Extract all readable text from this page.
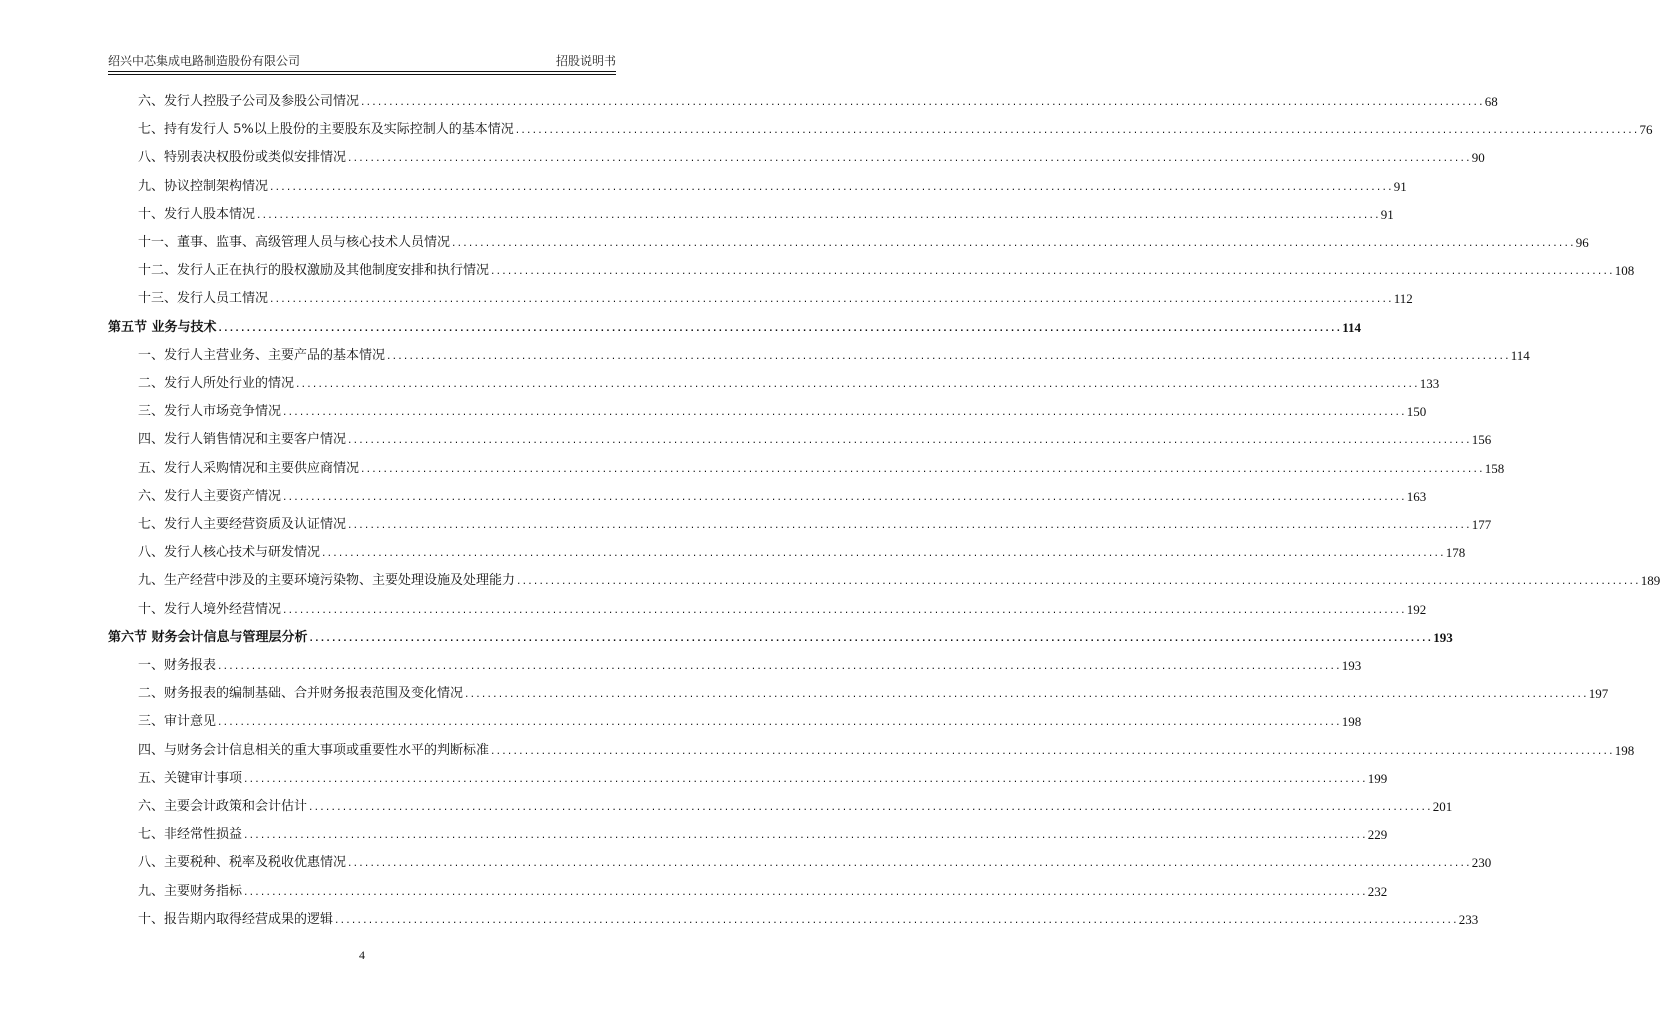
绍兴中芯集成电路制造股份有限公司	招股说明书
六、发行人控股子公司及参股公司情况 ........................................................................................................................................................................................................ 68
七、持有发行人 5%以上股份的主要股东及实际控制人的基本情况 ........................................................................................................................................................................................................ 76
八、特别表决权股份或类似安排情况 ........................................................................................................................................................................................................ 90
九、协议控制架构情况 ........................................................................................................................................................................................................ 91
十、发行人股本情况 ........................................................................................................................................................................................................ 91
十一、董事、监事、高级管理人员与核心技术人员情况 ........................................................................................................................................................................................................ 96
十二、发行人正在执行的股权激励及其他制度安排和执行情况 ........................................................................................................................................................................................................ 108
十三、发行人员工情况 ........................................................................................................................................................................................................ 112
第五节 业务与技术 ........................................................................................................................................................................................................ 114
一、发行人主营业务、主要产品的基本情况 ........................................................................................................................................................................................................ 114
二、发行人所处行业的情况 ........................................................................................................................................................................................................ 133
三、发行人市场竞争情况 ........................................................................................................................................................................................................ 150
四、发行人销售情况和主要客户情况 ........................................................................................................................................................................................................ 156
五、发行人采购情况和主要供应商情况 ........................................................................................................................................................................................................ 158
六、发行人主要资产情况 ........................................................................................................................................................................................................ 163
七、发行人主要经营资质及认证情况 ........................................................................................................................................................................................................ 177
八、发行人核心技术与研发情况 ........................................................................................................................................................................................................ 178
九、生产经营中涉及的主要环境污染物、主要处理设施及处理能力 ........................................................................................................................................................................................................ 189
十、发行人境外经营情况 ........................................................................................................................................................................................................ 192
第六节 财务会计信息与管理层分析 ........................................................................................................................................................................................................ 193
一、财务报表 ........................................................................................................................................................................................................ 193
二、财务报表的编制基础、合并财务报表范围及变化情况 ........................................................................................................................................................................................................ 197
三、审计意见 ........................................................................................................................................................................................................ 198
四、与财务会计信息相关的重大事项或重要性水平的判断标准 ........................................................................................................................................................................................................ 198
五、关键审计事项 ........................................................................................................................................................................................................ 199
六、主要会计政策和会计估计 ........................................................................................................................................................................................................ 201
七、非经常性损益 ........................................................................................................................................................................................................ 229
八、主要税种、税率及税收优惠情况 ........................................................................................................................................................................................................ 230
九、主要财务指标 ........................................................................................................................................................................................................ 232
十、报告期内取得经营成果的逻辑 ........................................................................................................................................................................................................ 233
4
